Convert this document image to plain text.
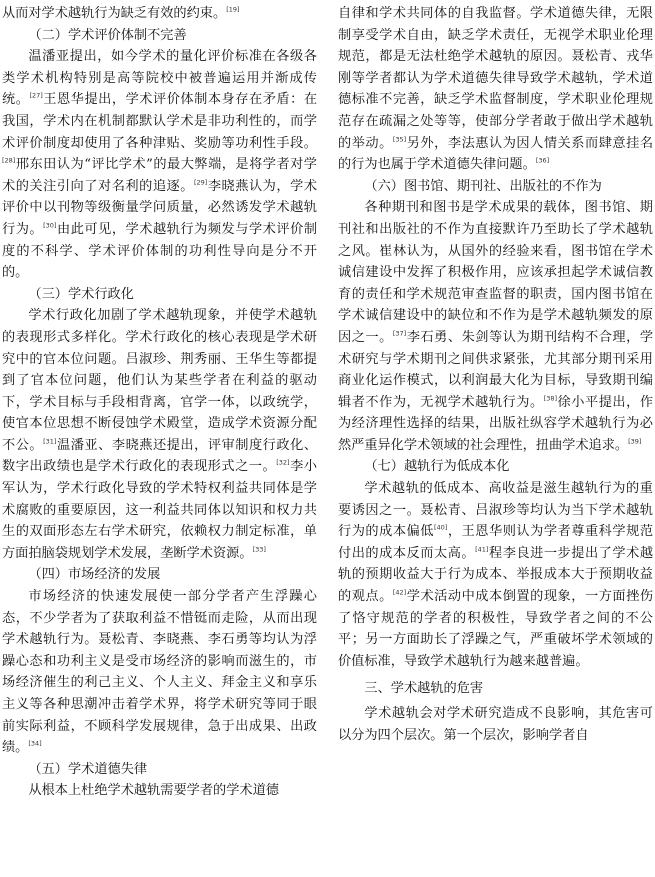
从而对学术越轨行为缺乏有效的约束。[19]

（二）学术评价体制不完善

温潘亚提出，如今学术的量化评价标准在各级各类学术机构特别是高等院校中被普遍运用并渐成传统。[27]王恩华提出，学术评价体制本身存在矛盾：在我国，学术内在机制都默认学术是非功利性的，而学术评价制度却使用了各种津贴、奖励等功利性手段。[28]邢东田认为“评比学术”的最大弊端，是将学者对学术的关注引向了对名利的追逐。[29]李晓燕认为，学术评价中以刊物等级衡量学问质量，必然诱发学术越轨行为。[30]由此可见，学术越轨行为频发与学术评价制度的不科学、学术评价体制的功利性导向是分不开的。

（三）学术行政化

学术行政化加剧了学术越轨现象，并使学术越轨的表现形式多样化。学术行政化的核心表现是学术研究中的官本位问题。吕淑珍、荆秀丽、王华生等都提到了官本位问题，他们认为某些学者在利益的驱动下，学术目标与手段相背离，官学一体，以政统学，使官本位思想不断侵蚀学术殿堂，造成学术资源分配不公。[31]温潘亚、李晓燕还提出，评审制度行政化、数字出政绩也是学术行政化的表现形式之一。[32]李小军认为，学术行政化导致的学术特权利益共同体是学术腐败的重要原因，这一利益共同体以知识和权力共生的双面形态左右学术研究，依赖权力制定标准，单方面拍脑袋规划学术发展，垄断学术资源。[33]

（四）市场经济的发展

市场经济的快速发展使一部分学者产生浮躁心态，不少学者为了获取利益不惜铤而走险，从而出现学术越轨行为。聂松青、李晓燕、李石勇等均认为浮躁心态和功利主义是受市场经济的影响而滋生的，市场经济催生的利己主义、个人主义、拜金主义和享乐主义等各种思潮冲击着学术界，将学术研究等同于眼前实际利益，不顾科学发展规律，急于出成果、出政绩。[34]

（五）学术道德失律

从根本上杜绝学术越轨需要学者的学术道德

自律和学术共同体的自我监督。学术道德失律，无限制享受学术自由，缺乏学术责任，无视学术职业伦理规范，都是无法杜绝学术越轨的原因。聂松青、戎华刚等学者都认为学术道德失律导致学术越轨，学术道德标准不完善，缺乏学术监督制度，学术职业伦理规范存在疏漏之处等等，使部分学者敢于做出学术越轨的举动。[35]另外，李法惠认为因人情关系而肆意挂名的行为也属于学术道德失律问题。[36]

（六）图书馆、期刊社、出版社的不作为

各种期刊和图书是学术成果的载体，图书馆、期刊社和出版社的不作为直接默许乃至助长了学术越轨之风。崔林认为，从国外的经验来看，图书馆在学术诚信建设中发挥了积极作用，应该承担起学术诚信教育的责任和学术规范审查监督的职责，国内图书馆在学术诚信建设中的缺位和不作为是学术越轨频发的原因之一。[37]李石勇、朱剑等认为期刊结构不合理，学术研究与学术期刊之间供求紧张，尤其部分期刊采用商业化运作模式，以利润最大化为目标，导致期刊编辑者不作为，无视学术越轨行为。[38]徐小平提出，作为经济理性选择的结果，出版社纵容学术越轨行为必然严重异化学术领域的社会理性，扭曲学术追求。[39]

（七）越轨行为低成本化

学术越轨的低成本、高收益是滋生越轨行为的重要诱因之一。聂松青、吕淑珍等均认为当下学术越轨行为的成本偏低[40]，王恩华则认为学者尊重科学规范付出的成本反而太高。[41]程李良进一步提出了学术越轨的预期收益大于行为成本、举报成本大于预期收益的观点。[42]学术活动中成本倒置的现象，一方面挫伤了恪守规范的学者的积极性，导致学者之间的不公平；另一方面助长了浮躁之气，严重破坏学术领域的价值标准，导致学术越轨行为越来越普遍。

三、学术越轨的危害

学术越轨会对学术研究造成不良影响，其危害可以分为四个层次。第一个层次，影响学者自
